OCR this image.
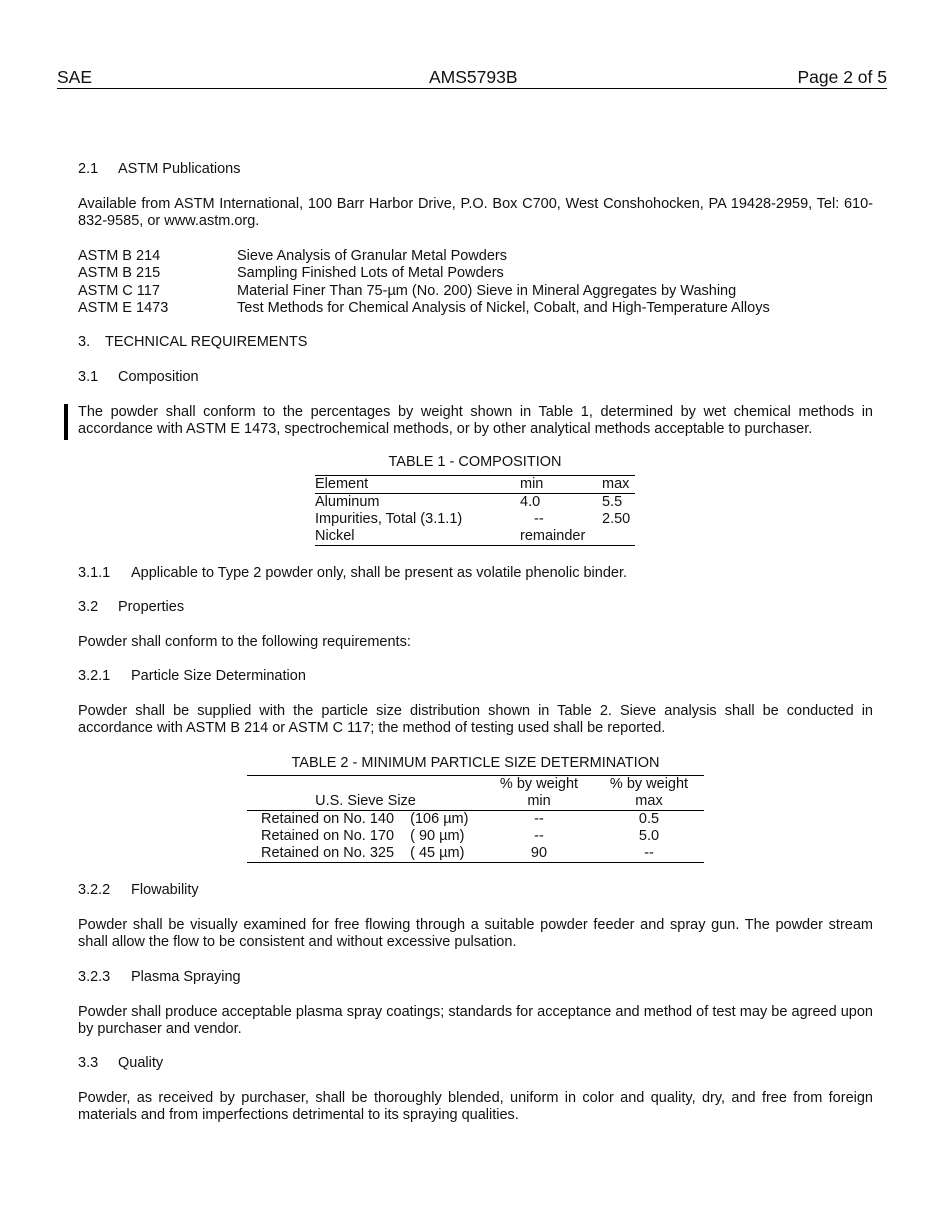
SAE	AMS5793B	Page 2 of 5
2.1 ASTM Publications
Available from ASTM International, 100 Barr Harbor Drive, P.O. Box C700, West Conshohocken, PA 19428-2959, Tel: 610-832-9585, or www.astm.org.
ASTM B 214	Sieve Analysis of Granular Metal Powders
ASTM B 215	Sampling Finished Lots of Metal Powders
ASTM C 117	Material Finer Than 75-µm (No. 200) Sieve in Mineral Aggregates by Washing
ASTM E 1473	Test Methods for Chemical Analysis of Nickel, Cobalt, and High-Temperature Alloys
3. TECHNICAL REQUIREMENTS
3.1 Composition
The powder shall conform to the percentages by weight shown in Table 1, determined by wet chemical methods in accordance with ASTM E 1473, spectrochemical methods, or by other analytical methods acceptable to purchaser.
TABLE 1 - COMPOSITION
Element	min	max
Aluminum	4.0	5.5
Impurities, Total (3.1.1)	--	2.50
Nickel	remainder	
3.1.1 Applicable to Type 2 powder only, shall be present as volatile phenolic binder.
3.2 Properties
Powder shall conform to the following requirements:
3.2.1 Particle Size Determination
Powder shall be supplied with the particle size distribution shown in Table 2. Sieve analysis shall be conducted in accordance with ASTM B 214 or ASTM C 117; the method of testing used shall be reported.
TABLE 2 - MINIMUM PARTICLE SIZE DETERMINATION
	% by weight	% by weight
U.S. Sieve Size	min	max
Retained on No. 140 (106 µm)	--	0.5
Retained on No. 170 ( 90 µm)	--	5.0
Retained on No. 325 ( 45 µm)	90	--
3.2.2 Flowability
Powder shall be visually examined for free flowing through a suitable powder feeder and spray gun. The powder stream shall allow the flow to be consistent and without excessive pulsation.
3.2.3 Plasma Spraying
Powder shall produce acceptable plasma spray coatings; standards for acceptance and method of test may be agreed upon by purchaser and vendor.
3.3 Quality
Powder, as received by purchaser, shall be thoroughly blended, uniform in color and quality, dry, and free from foreign materials and from imperfections detrimental to its spraying qualities.
